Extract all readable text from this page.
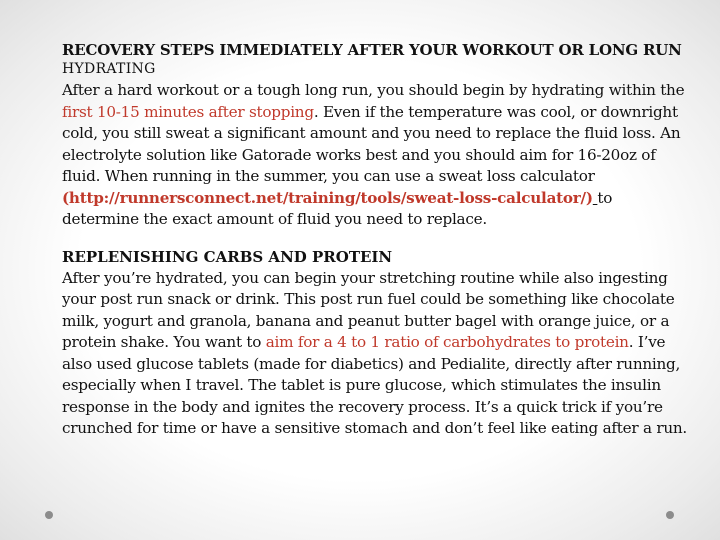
RECOVERY STEPS IMMEDIATELY AFTER YOUR WORKOUT OR LONG RUN
HYDRATING

After a hard workout or a tough long run, you should begin by hydrating within the first 10-15 minutes after stopping. Even if the temperature was cool, or downright cold, you still sweat a significant amount and you need to replace the fluid loss. An electrolyte solution like Gatorade works best and you should aim for 16-20oz of fluid. When running in the summer, you can use a sweat loss calculator (http://runnersconnect.net/training/tools/sweat-loss-calculator/) to determine the exact amount of fluid you need to replace.

REPLENISHING CARBS AND PROTEIN

After you’re hydrated, you can begin your stretching routine while also ingesting your post run snack or drink. This post run fuel could be something like chocolate milk, yogurt and granola, banana and peanut butter bagel with orange juice, or a protein shake. You want to aim for a 4 to 1 ratio of carbohydrates to protein. I’ve also used glucose tablets (made for diabetics) and Pedialite, directly after running, especially when I travel. The tablet is pure glucose, which stimulates the insulin response in the body and ignites the recovery process. It’s a quick trick if you’re crunched for time or have a sensitive stomach and don’t feel like eating after a run.
